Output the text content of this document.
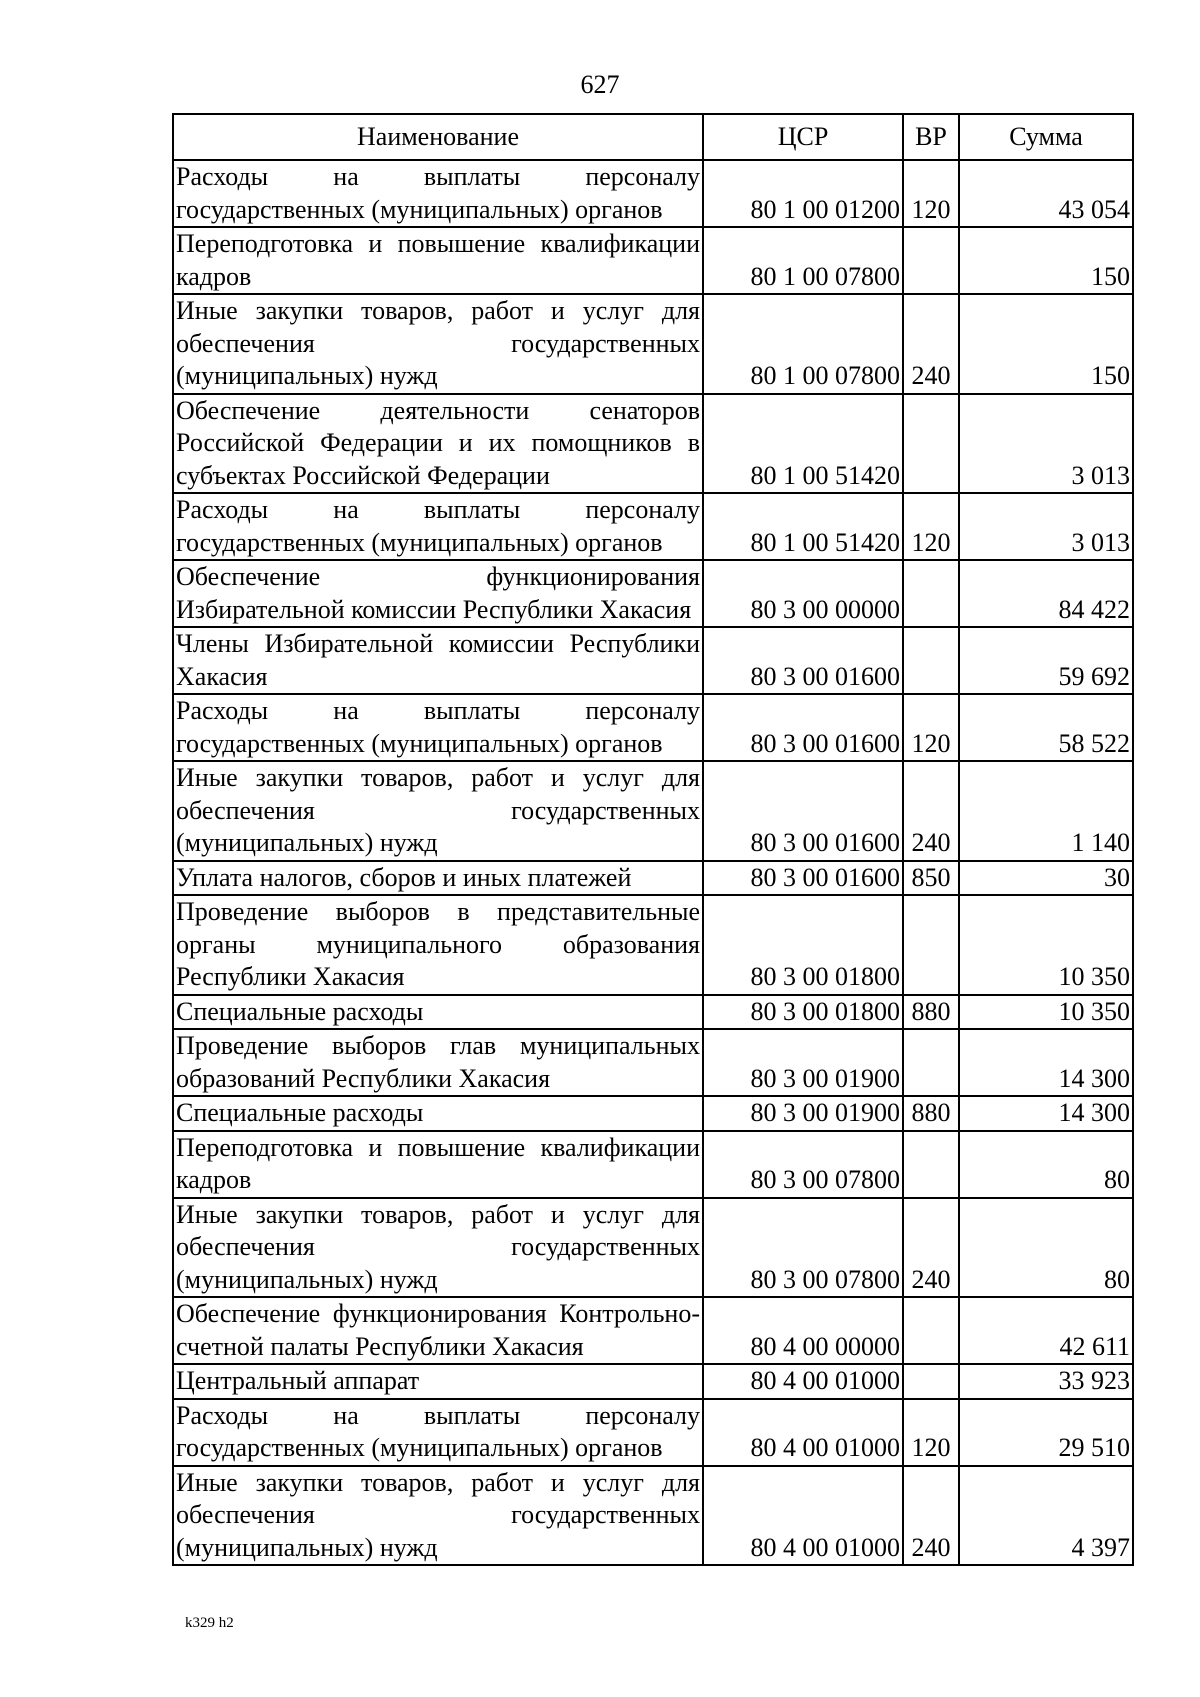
627
Наименование	ЦСР	ВР	Сумма
Расходы на выплаты персоналу государственных (муниципальных) органов	80 1 00 01200	120	43 054
Переподготовка и повышение квалификации кадров	80 1 00 07800		150
Иные закупки товаров, работ и услуг для обеспечения государственных (муниципальных) нужд	80 1 00 07800	240	150
Обеспечение деятельности сенаторов Российской Федерации и их помощников в субъектах Российской Федерации	80 1 00 51420		3 013
Расходы на выплаты персоналу государственных (муниципальных) органов	80 1 00 51420	120	3 013
Обеспечение функционирования Избирательной комиссии Республики Хакасия	80 3 00 00000		84 422
Члены Избирательной комиссии Республики Хакасия	80 3 00 01600		59 692
Расходы на выплаты персоналу государственных (муниципальных) органов	80 3 00 01600	120	58 522
Иные закупки товаров, работ и услуг для обеспечения государственных (муниципальных) нужд	80 3 00 01600	240	1 140
Уплата налогов, сборов и иных платежей	80 3 00 01600	850	30
Проведение выборов в представительные органы муниципального образования Республики Хакасия	80 3 00 01800		10 350
Специальные расходы	80 3 00 01800	880	10 350
Проведение выборов глав муниципальных образований Республики Хакасия	80 3 00 01900		14 300
Специальные расходы	80 3 00 01900	880	14 300
Переподготовка и повышение квалификации кадров	80 3 00 07800		80
Иные закупки товаров, работ и услуг для обеспечения государственных (муниципальных) нужд	80 3 00 07800	240	80
Обеспечение функционирования Контрольно-счетной палаты Республики Хакасия	80 4 00 00000		42 611
Центральный аппарат	80 4 00 01000		33 923
Расходы на выплаты персоналу государственных (муниципальных) органов	80 4 00 01000	120	29 510
Иные закупки товаров, работ и услуг для обеспечения государственных (муниципальных) нужд	80 4 00 01000	240	4 397
k329 h2
